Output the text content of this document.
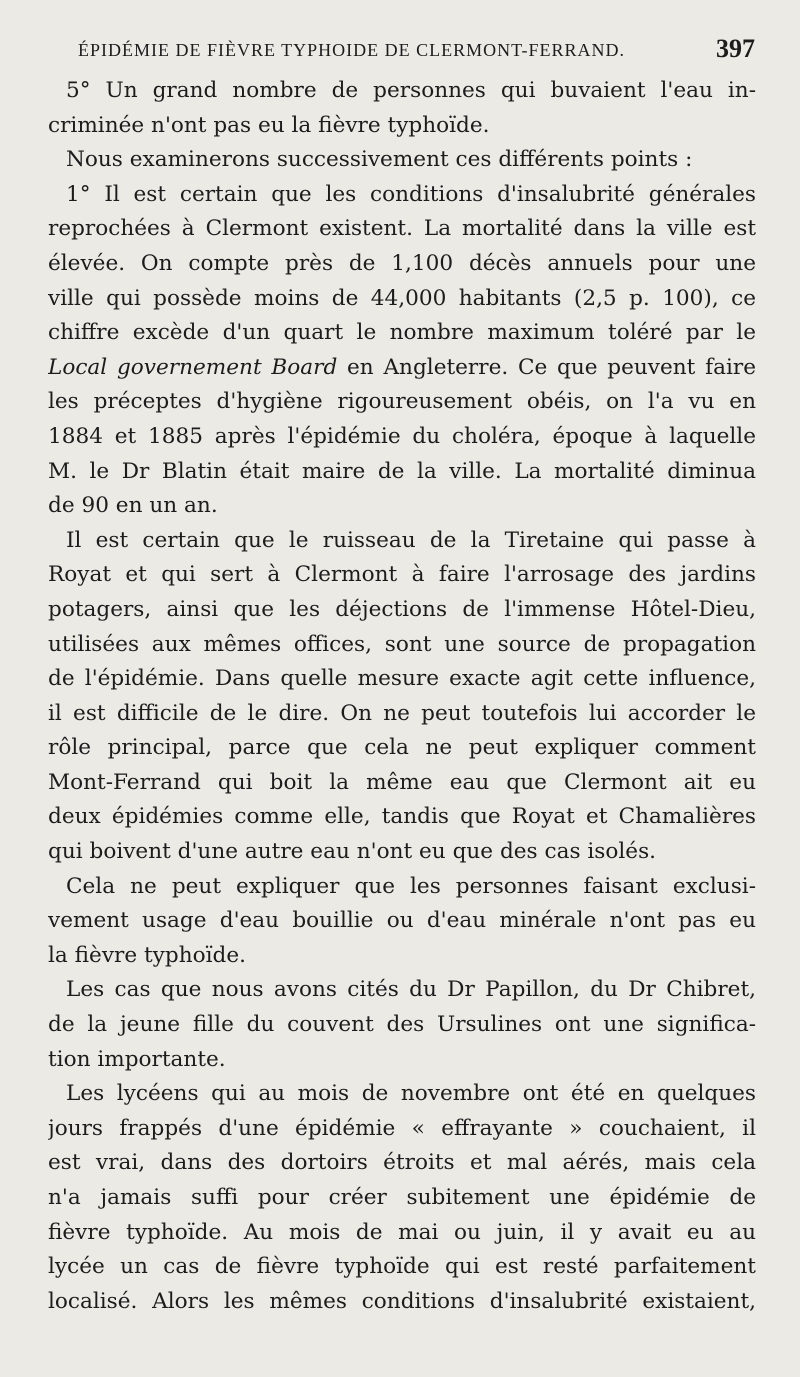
ÉPIDÉMIE DE FIÈVRE TYPHOIDE DE CLERMONT-FERRAND.	397
5° Un grand nombre de personnes qui buvaient l'eau in-
criminée n'ont pas eu la fièvre typhoïde.
Nous examinerons successivement ces différents points :
1° Il est certain que les conditions d'insalubrité générales
reprochées à Clermont existent. La mortalité dans la ville est
élevée. On compte près de 1,100 décès annuels pour une
ville qui possède moins de 44,000 habitants (2,5 p. 100), ce
chiffre excède d'un quart le nombre maximum toléré par le
Local governement Board en Angleterre. Ce que peuvent faire
les préceptes d'hygiène rigoureusement obéis, on l'a vu en
1884 et 1885 après l'épidémie du choléra, époque à laquelle
M. le Dr Blatin était maire de la ville. La mortalité diminua
de 90 en un an.
Il est certain que le ruisseau de la Tiretaine qui passe à
Royat et qui sert à Clermont à faire l'arrosage des jardins
potagers, ainsi que les déjections de l'immense Hôtel-Dieu,
utilisées aux mêmes offices, sont une source de propagation
de l'épidémie. Dans quelle mesure exacte agit cette influence,
il est difficile de le dire. On ne peut toutefois lui accorder le
rôle principal, parce que cela ne peut expliquer comment
Mont-Ferrand qui boit la même eau que Clermont ait eu
deux épidémies comme elle, tandis que Royat et Chamalières
qui boivent d'une autre eau n'ont eu que des cas isolés.
Cela ne peut expliquer que les personnes faisant exclusi-
vement usage d'eau bouillie ou d'eau minérale n'ont pas eu
la fièvre typhoïde.
Les cas que nous avons cités du Dr Papillon, du Dr Chibret,
de la jeune fille du couvent des Ursulines ont une significa-
tion importante.
Les lycéens qui au mois de novembre ont été en quelques
jours frappés d'une épidémie « effrayante » couchaient, il
est vrai, dans des dortoirs étroits et mal aérés, mais cela
n'a jamais suffi pour créer subitement une épidémie de
fièvre typhoïde. Au mois de mai ou juin, il y avait eu au
lycée un cas de fièvre typhoïde qui est resté parfaitement
localisé. Alors les mêmes conditions d'insalubrité existaient,
